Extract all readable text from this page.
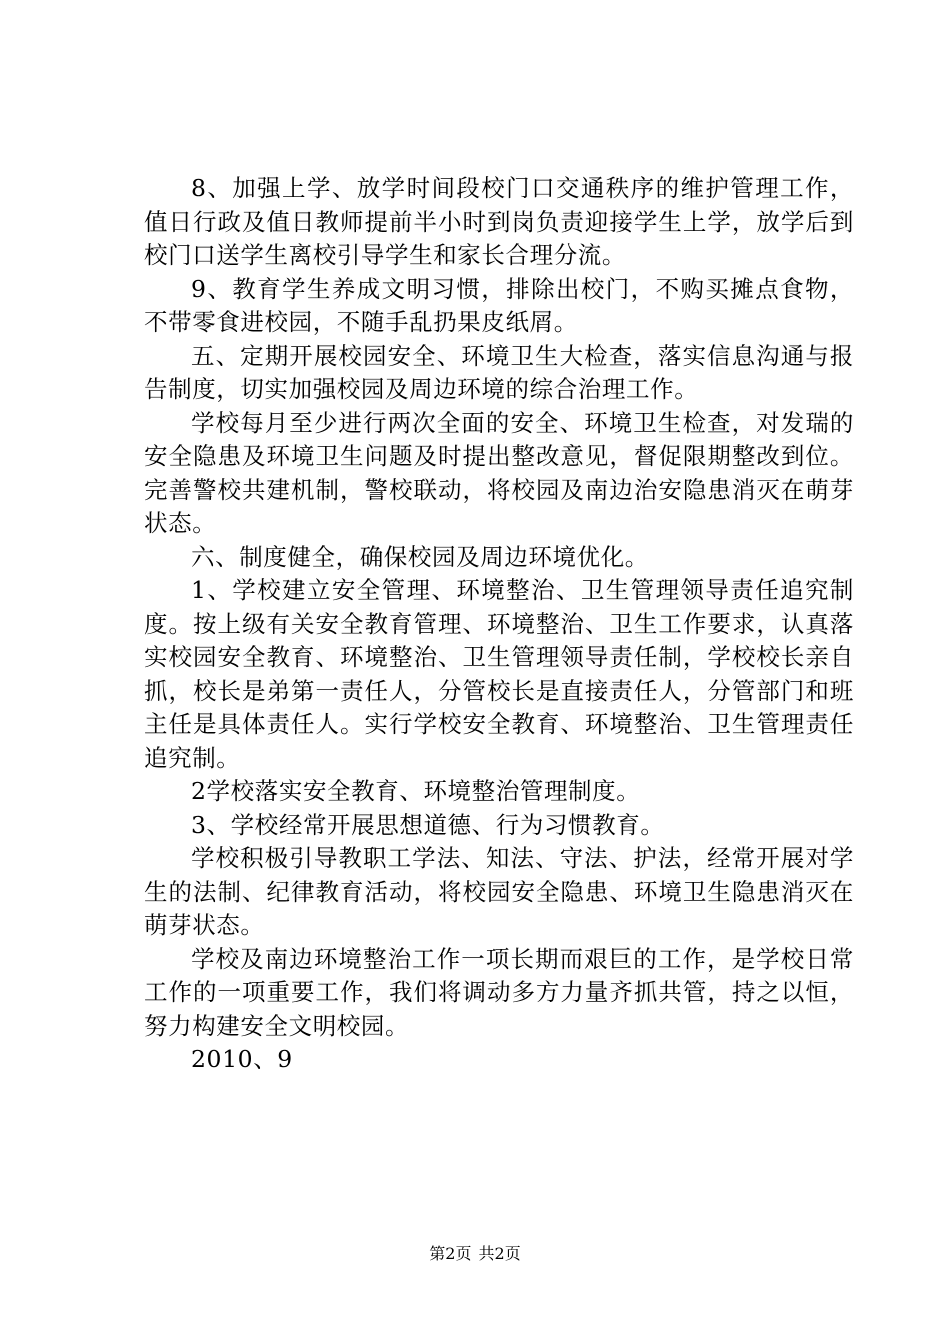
8、加强上学、放学时间段校门口交通秩序的维护管理工作，值日行政及值日教师提前半小时到岗负责迎接学生上学，放学后到校门口送学生离校引导学生和家长合理分流。

9、教育学生养成文明习惯，排除出校门，不购买摊点食物，不带零食进校园，不随手乱扔果皮纸屑。

五、定期开展校园安全、环境卫生大检查，落实信息沟通与报告制度，切实加强校园及周边环境的综合治理工作。

学校每月至少进行两次全面的安全、环境卫生检查，对发瑞的安全隐患及环境卫生问题及时提出整改意见，督促限期整改到位。完善警校共建机制，警校联动，将校园及南边治安隐患消灭在萌芽状态。

六、制度健全，确保校园及周边环境优化。

1、学校建立安全管理、环境整治、卫生管理领导责任追究制度。按上级有关安全教育管理、环境整治、卫生工作要求，认真落实校园安全教育、环境整治、卫生管理领导责任制，学校校长亲自抓，校长是弟第一责任人，分管校长是直接责任人，分管部门和班主任是具体责任人。实行学校安全教育、环境整治、卫生管理责任追究制。

2学校落实安全教育、环境整治管理制度。

3、学校经常开展思想道德、行为习惯教育。

学校积极引导教职工学法、知法、守法、护法，经常开展对学生的法制、纪律教育活动，将校园安全隐患、环境卫生隐患消灭在萌芽状态。

学校及南边环境整治工作一项长期而艰巨的工作，是学校日常工作的一项重要工作，我们将调动多方力量齐抓共管，持之以恒，努力构建安全文明校园。

2010、9

第2页 共2页
